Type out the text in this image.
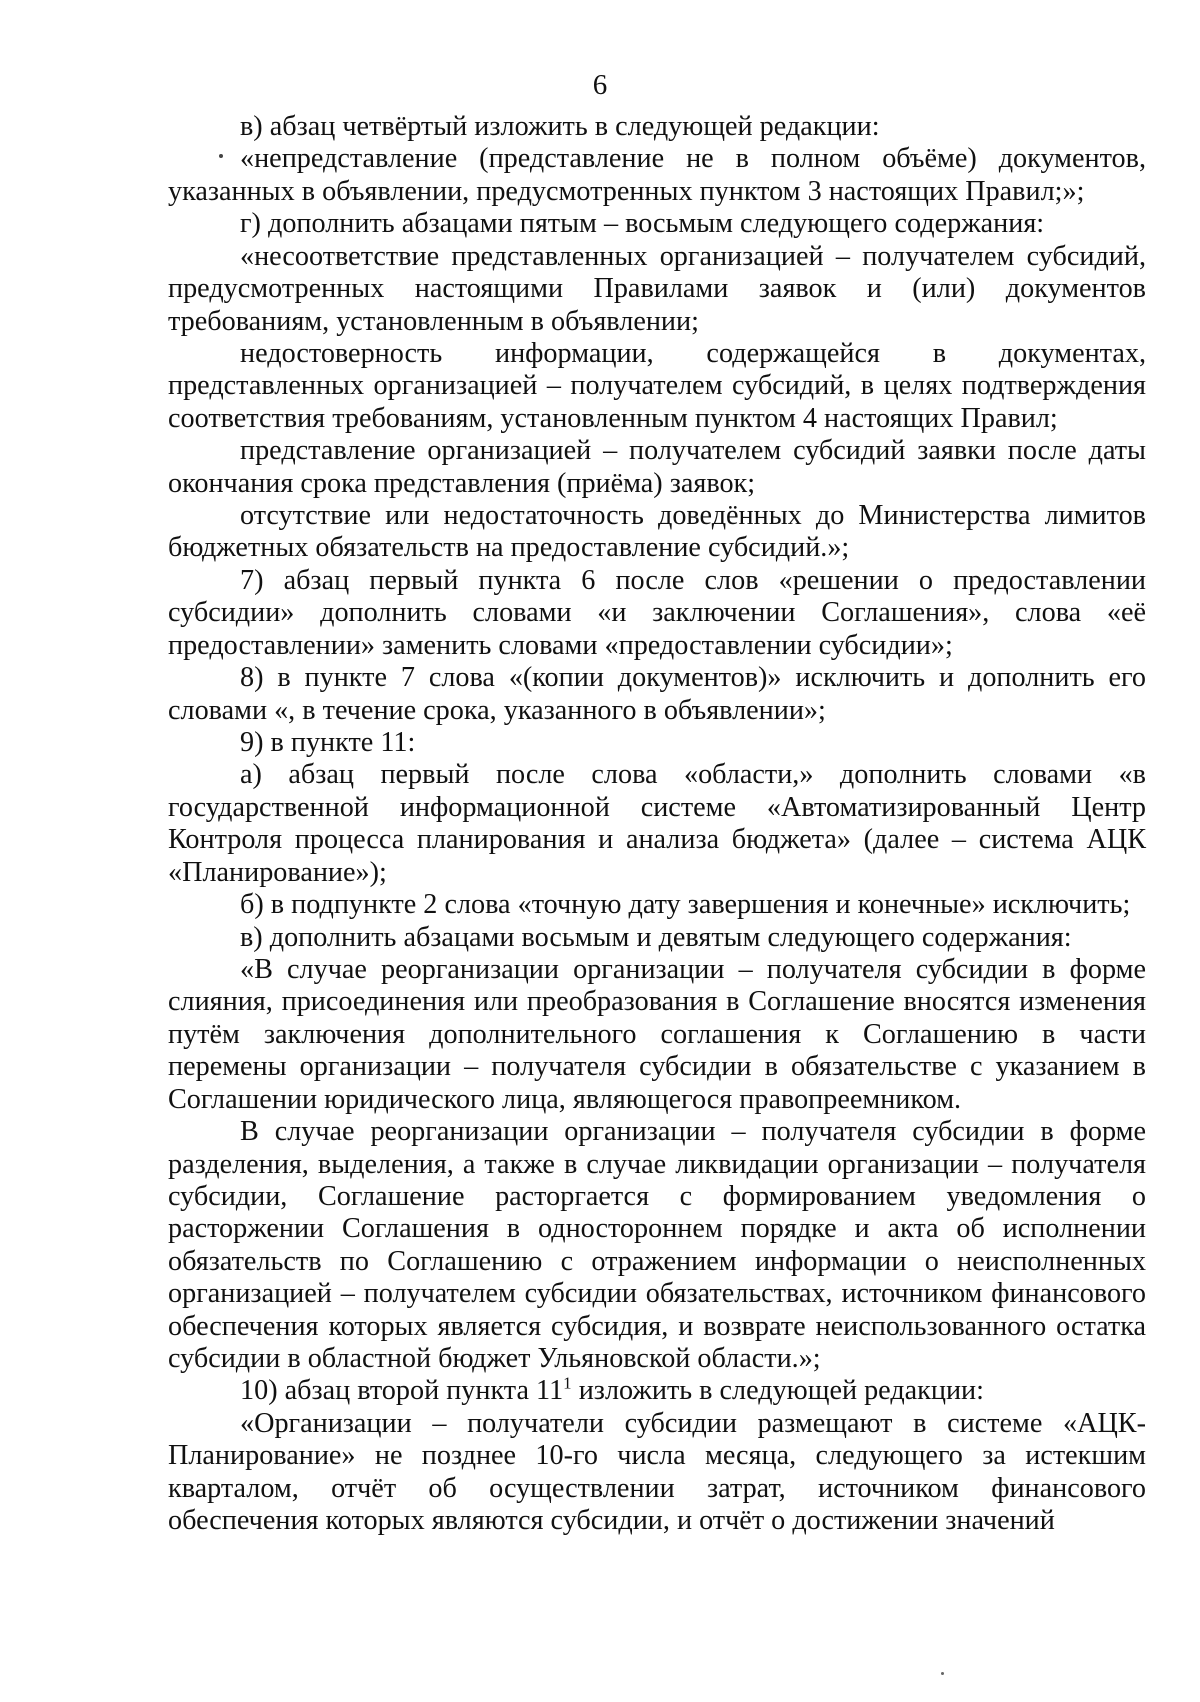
6

в) абзац четвёртый изложить в следующей редакции:

«непредставление (представление не в полном объёме) документов, указанных в объявлении, предусмотренных пунктом 3 настоящих Правил;»;

г) дополнить абзацами пятым – восьмым следующего содержания:

«несоответствие представленных организацией – получателем субсидий, предусмотренных настоящими Правилами заявок и (или) документов требованиям, установленным в объявлении;

недостоверность информации, содержащейся в документах, представленных организацией – получателем субсидий, в целях подтверждения соответствия требованиям, установленным пунктом 4 настоящих Правил;

представление организацией – получателем субсидий заявки после даты окончания срока представления (приёма) заявок;

отсутствие или недостаточность доведённых до Министерства лимитов бюджетных обязательств на предоставление субсидий.»;

7) абзац первый пункта 6 после слов «решении о предоставлении субсидии» дополнить словами «и заключении Соглашения», слова «её предоставлении» заменить словами «предоставлении субсидии»;

8) в пункте 7 слова «(копии документов)» исключить и дополнить его словами «, в течение срока, указанного в объявлении»;

9) в пункте 11:

а) абзац первый после слова «области,» дополнить словами «в государственной информационной системе «Автоматизированный Центр Контроля процесса планирования и анализа бюджета» (далее – система АЦК «Планирование»);

б) в подпункте 2 слова «точную дату завершения и конечные» исключить;

в) дополнить абзацами восьмым и девятым следующего содержания:

«В случае реорганизации организации – получателя субсидии в форме слияния, присоединения или преобразования в Соглашение вносятся изменения путём заключения дополнительного соглашения к Соглашению в части перемены организации – получателя субсидии в обязательстве с указанием в Соглашении юридического лица, являющегося правопреемником.

В случае реорганизации организации – получателя субсидии в форме разделения, выделения, а также в случае ликвидации организации – получателя субсидии, Соглашение расторгается с формированием уведомления о расторжении Соглашения в одностороннем порядке и акта об исполнении обязательств по Соглашению с отражением информации о неисполненных организацией – получателем субсидии обязательствах, источником финансового обеспечения которых является субсидия, и возврате неиспользованного остатка субсидии в областной бюджет Ульяновской области.»;

10) абзац второй пункта $11^1$ изложить в следующей редакции:

«Организации – получатели субсидии размещают в системе «АЦК-Планирование» не позднее 10-го числа месяца, следующего за истекшим кварталом, отчёт об осуществлении затрат, источником финансового обеспечения которых являются субсидии, и отчёт о достижении значений
